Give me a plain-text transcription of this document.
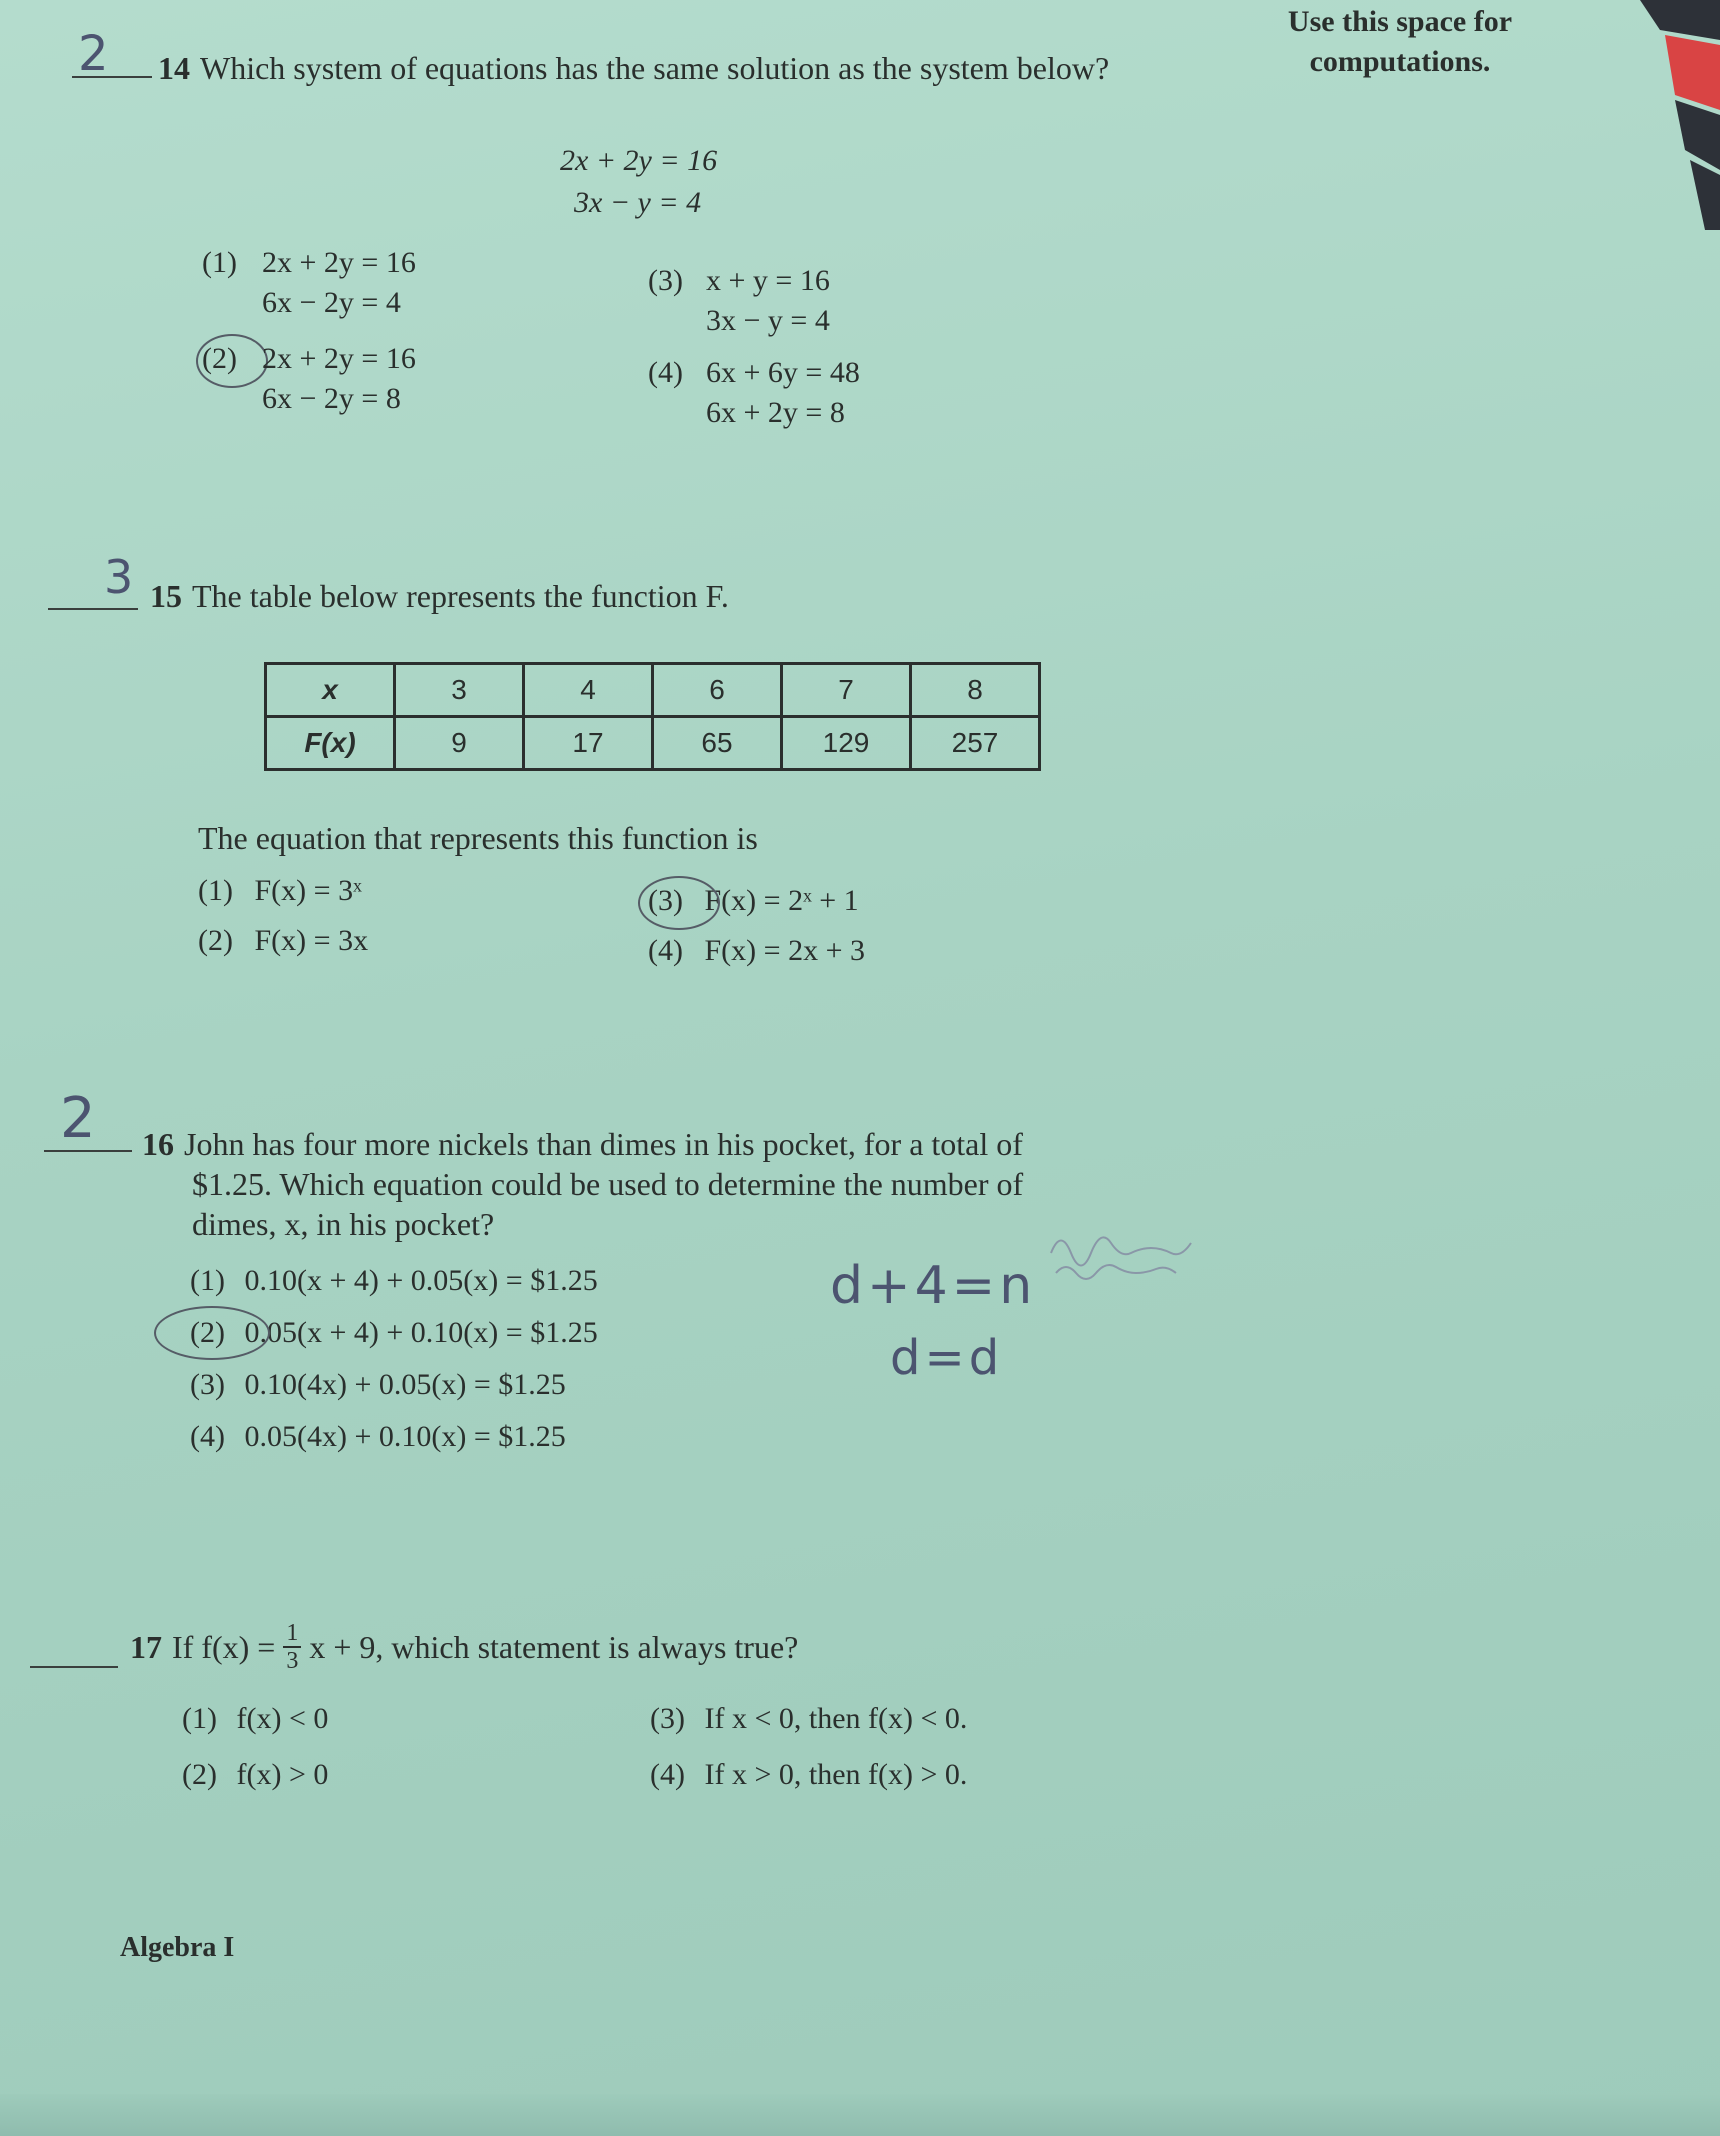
Use this space for
computations.
2 14 Which system of equations has the same solution as the system below?
2x + 2y = 16
3x − y = 4
(1) 2x + 2y = 16
6x − 2y = 4
(2) 2x + 2y = 16
6x − 2y = 8
(3) x + y = 16
3x − y = 4
(4) 6x + 6y = 48
6x + 2y = 8
3 15 The table below represents the function F.
x	3	4	6	7	8
F(x)	9	17	65	129	257
The equation that represents this function is
(1) F(x) = 3ˣ
(2) F(x) = 3x
(3) F(x) = 2ˣ + 1
(4) F(x) = 2x + 3
2 16 John has four more nickels than dimes in his pocket, for a total of
$1.25. Which equation could be used to determine the number of
dimes, x, in his pocket?
(1) 0.10(x + 4) + 0.05(x) = $1.25
(2) 0.05(x + 4) + 0.10(x) = $1.25
(3) 0.10(4x) + 0.05(x) = $1.25
(4) 0.05(4x) + 0.10(x) = $1.25
d+4=n
d=d
17 If $f(x) = \frac{1}{3}$ x + 9, which statement is always true?
(1) f(x) < 0
(2) f(x) > 0
(3) If x < 0, then f(x) < 0.
(4) If x > 0, then f(x) > 0.
Algebra I
